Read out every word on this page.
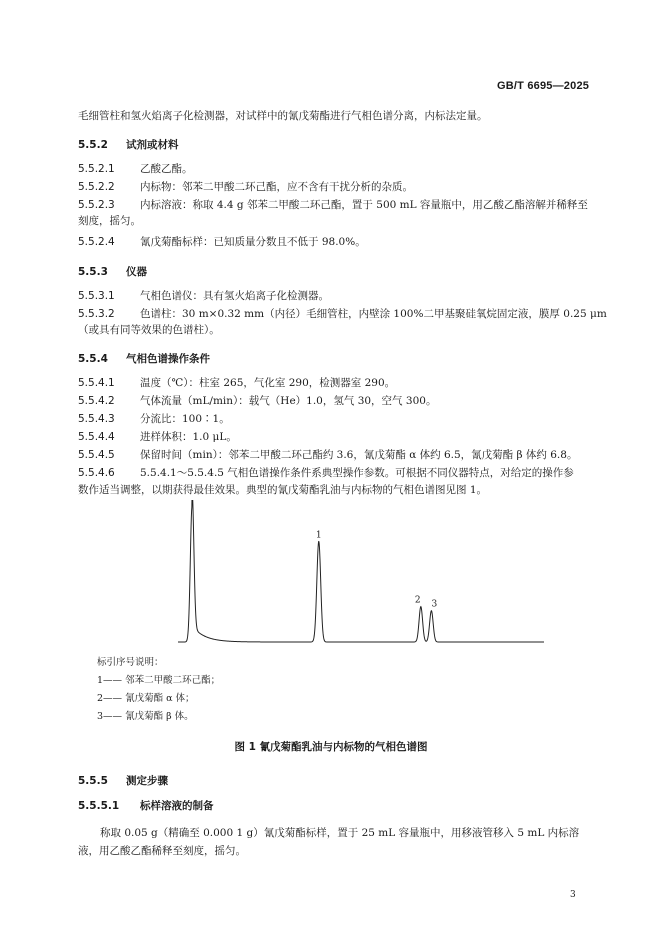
GB/T 6695—2025
毛细管柱和氢火焰离子化检测器，对试样中的氰戊菊酯进行气相色谱分离，内标法定量。
5.5.2 试剂或材料
5.5.2.1 乙酸乙酯。
5.5.2.2 内标物：邻苯二甲酸二环己酯，应不含有干扰分析的杂质。
5.5.2.3 内标溶液：称取 4.4 g 邻苯二甲酸二环己酯，置于 500 mL 容量瓶中，用乙酸乙酯溶解并稀释至
刻度，摇匀。
5.5.2.4 氰戊菊酯标样：已知质量分数且不低于 98.0%。
5.5.3 仪器
5.5.3.1 气相色谱仪：具有氢火焰离子化检测器。
5.5.3.2 色谱柱：30 m×0.32 mm（内径）毛细管柱，内壁涂 100%二甲基聚硅氧烷固定液，膜厚 0.25 μm
（或具有同等效果的色谱柱）。
5.5.4 气相色谱操作条件
5.5.4.1 温度（℃）：柱室 265，气化室 290，检测器室 290。
5.5.4.2 气体流量（mL/min）：载气（He）1.0，氢气 30，空气 300。
5.5.4.3 分流比：100∶1。
5.5.4.4 进样体积：1.0 μL。
5.5.4.5 保留时间（min）：邻苯二甲酸二环己酯约 3.6，氰戊菊酯 α 体约 6.5，氰戊菊酯 β 体约 6.8。
5.5.4.6 5.5.4.1～5.5.4.5 气相色谱操作条件系典型操作参数。可根据不同仪器特点，对给定的操作参
数作适当调整，以期获得最佳效果。典型的氰戊菊酯乳油与内标物的气相色谱图见图 1。
1
2 3
标引序号说明：
1—— 邻苯二甲酸二环己酯；
2—— 氰戊菊酯 α 体；
3—— 氰戊菊酯 β 体。
图 1 氰戊菊酯乳油与内标物的气相色谱图
5.5.5 测定步骤
5.5.5.1 标样溶液的制备
称取 0.05 g（精确至 0.000 1 g）氰戊菊酯标样，置于 25 mL 容量瓶中，用移液管移入 5 mL 内标溶
液，用乙酸乙酯稀释至刻度，摇匀。
3
